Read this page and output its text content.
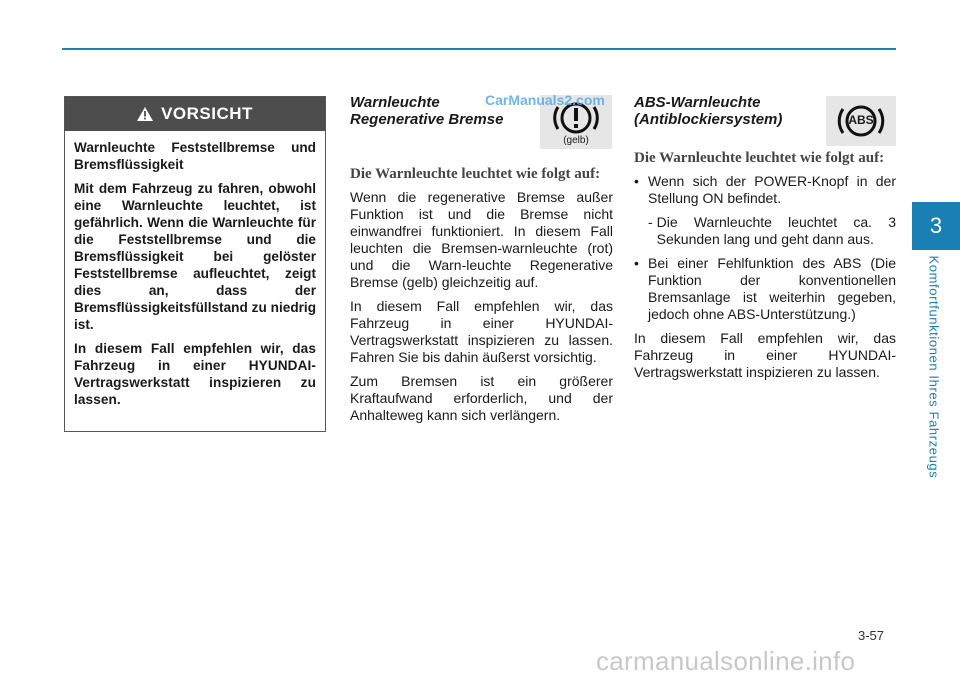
3
Komfortfunktionen Ihres Fahrzeugs
VORSICHT

Warnleuchte Feststellbremse und Bremsflüssigkeit

Mit dem Fahrzeug zu fahren, obwohl eine Warnleuchte leuchtet, ist gefährlich. Wenn die Warnleuchte für die Feststellbremse und die Bremsflüssigkeit bei gelöster Feststellbremse aufleuchtet, zeigt dies an, dass der Bremsflüssigkeitsfüllstand zu niedrig ist.

In diesem Fall empfehlen wir, das Fahrzeug in einer HYUNDAI-Vertragswerkstatt inspizieren zu lassen.

Warnleuchte
Regenerative Bremse
Die Warnleuchte leuchtet wie folgt auf:

Wenn die regenerative Bremse außer Funktion ist und die Bremse nicht einwandfrei funktioniert. In diesem Fall leuchten die Bremsen-warnleuchte (rot) und die Warn-leuchte Regenerative Bremse (gelb) gleichzeitig auf.

In diesem Fall empfehlen wir, das Fahrzeug in einer HYUNDAI-Vertragswerkstatt inspizieren zu lassen. Fahren Sie bis dahin äußerst vorsichtig.

Zum Bremsen ist ein größerer Kraftaufwand erforderlich, und der Anhalteweg kann sich verlängern.

(gelb)
CarManuals2.com ABS-Warnleuchte
(Antiblockiersystem)
Die Warnleuchte leuchtet wie folgt auf:
• Wenn sich der POWER-Knopf in der Stellung ON befindet.
- Die Warnleuchte leuchtet ca. 3 Sekunden lang und geht dann aus.
• Bei einer Fehlfunktion des ABS (Die Funktion der konventionellen Bremsanlage ist weiterhin gegeben, jedoch ohne ABS-Unterstützung.)

In diesem Fall empfehlen wir, das Fahrzeug in einer HYUNDAI-Vertragswerkstatt inspizieren zu lassen.

ABS
3-57
carmanualsonline.info
